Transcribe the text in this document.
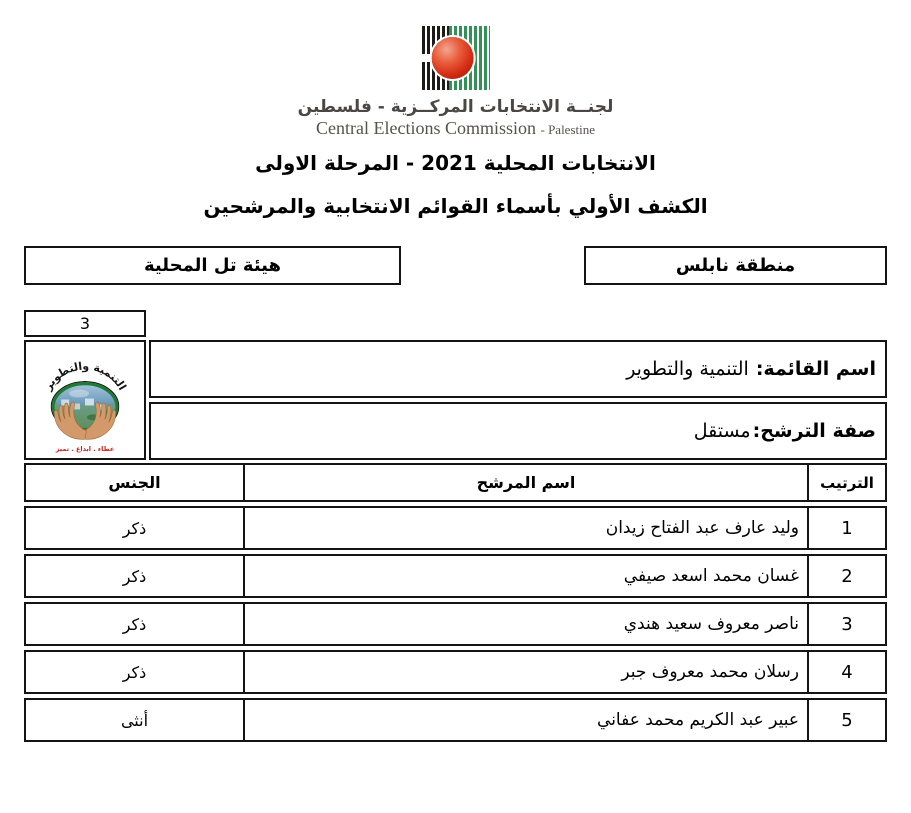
لجنــة الانتخابات المركــزية - فلسطين
Central Elections Commission - Palestine
الانتخابات المحلية 2021 - المرحلة الاولى
الكشف الأولي بأسماء القوائم الانتخابية والمرشحين
منطقة نابلس
هيئة تل المحلية
3
اسم القائمة:
التنمية والتطوير
صفة الترشح:
مستقل
التنمية والتطوير
عطاء . ابداع . تميز
الترتيب
اسم المرشح
الجنس
1
وليد عارف عبد الفتاح زيدان
ذكر
2
غسان محمد اسعد صيفي
ذكر
3
ناصر معروف سعيد هندي
ذكر
4
رسلان محمد معروف جبر
ذكر
5
عبير عبد الكريم محمد عفاني
أنثى
